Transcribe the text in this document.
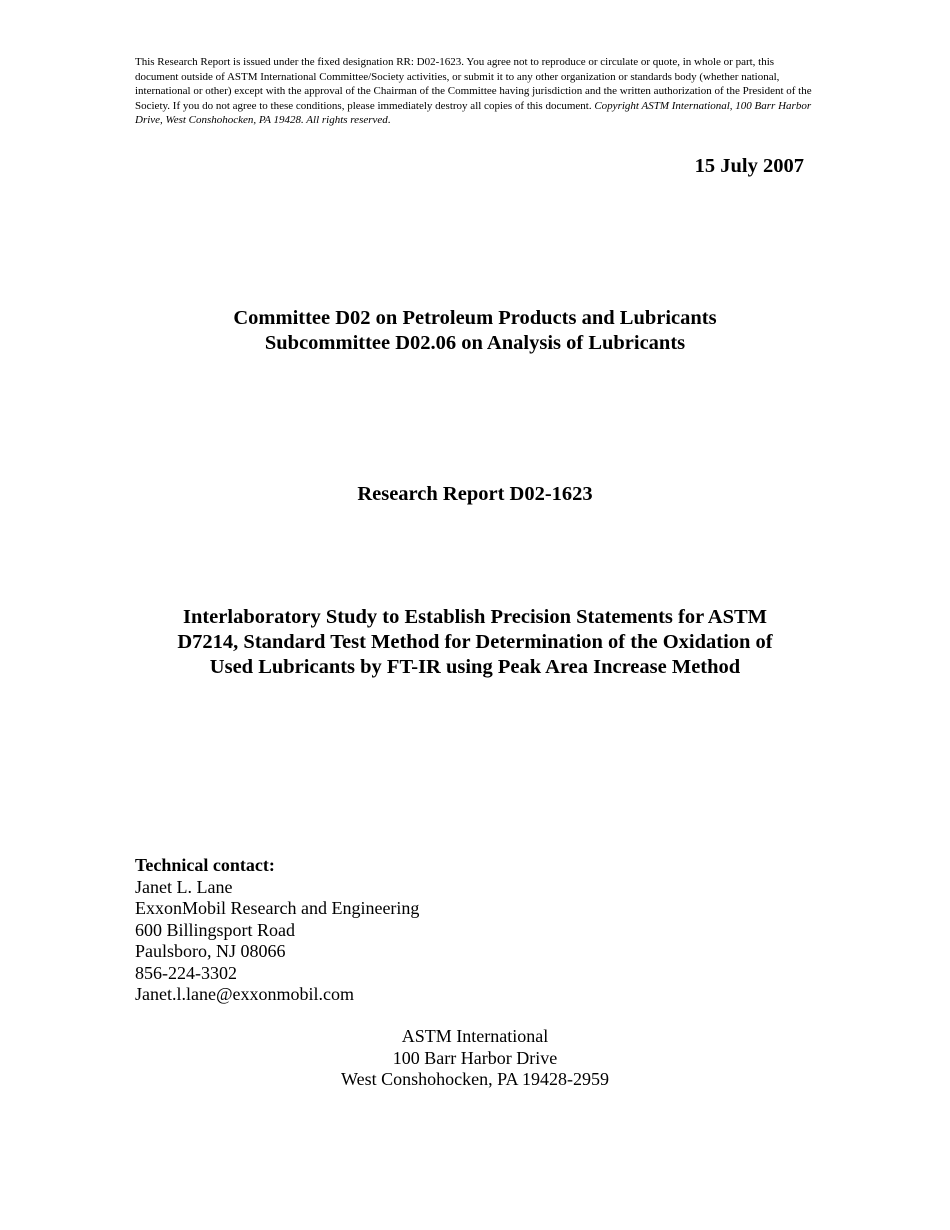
This Research Report is issued under the fixed designation RR: D02-1623. You agree not to reproduce or circulate or quote, in whole or part, this document outside of ASTM International Committee/Society activities, or submit it to any other organization or standards body (whether national, international or other) except with the approval of the Chairman of the Committee having jurisdiction and the written authorization of the President of the Society. If you do not agree to these conditions, please immediately destroy all copies of this document. Copyright ASTM International, 100 Barr Harbor Drive, West Conshohocken, PA 19428. All rights reserved.
15 July 2007
Committee D02 on Petroleum Products and Lubricants
Subcommittee D02.06 on Analysis of Lubricants
Research Report D02-1623
Interlaboratory Study to Establish Precision Statements for ASTM
D7214, Standard Test Method for Determination of the Oxidation of
Used Lubricants by FT-IR using Peak Area Increase Method
Technical contact:
Janet L. Lane
ExxonMobil Research and Engineering
600 Billingsport Road
Paulsboro, NJ 08066
856-224-3302
Janet.l.lane@exxonmobil.com
ASTM International
100 Barr Harbor Drive
West Conshohocken, PA 19428-2959
